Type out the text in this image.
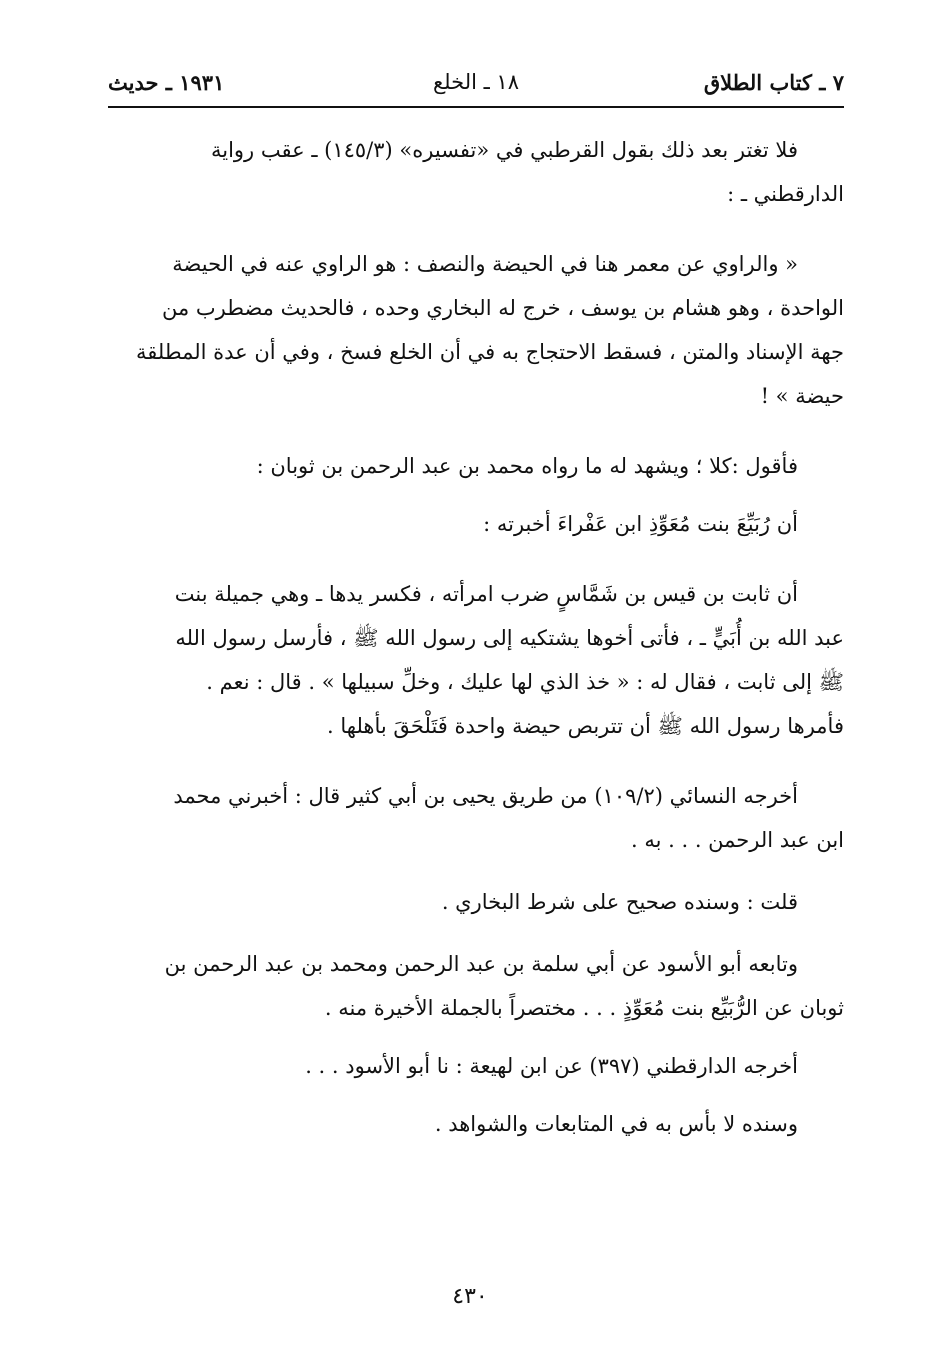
٧ ـ كتاب الطلاق
١٨ ـ الخلع
١٩٣١ ـ حديث

فلا تغتر بعد ذلك بقول القرطبي في «تفسيره» (١٤٥/٣) ـ عقب رواية
الدارقطني ـ :

« والراوي عن معمر هنا في الحيضة والنصف : هو الراوي عنه في الحيضة
الواحدة ، وهو هشام بن يوسف ، خرج له البخاري وحده ، فالحديث مضطرب من
جهة الإسناد والمتن ، فسقط الاحتجاج به في أن الخلع فسخ ، وفي أن عدة المطلقة
حيضة » !

فأقول :كلا ؛ ويشهد له ما رواه محمد بن عبد الرحمن بن ثوبان :

أن رُبَيِّعَ بنت مُعَوِّذِ ابن عَفْراءَ أخبرته :

أن ثابت بن قيس بن شَمَّاسٍ ضرب امرأته ، فكسر يدها ـ وهي جميلة بنت
عبد الله بن أُبَيٍّ ـ ، فأتى أخوها يشتكيه إلى رسول الله ﷺ ، فأرسل رسول الله
ﷺ إلى ثابت ، فقال له : « خذ الذي لها عليك ، وخلِّ سبيلها » . قال : نعم .
فأمرها رسول الله ﷺ أن تتربص حيضة واحدة فَتَلْحَقَ بأهلها .

أخرجه النسائي (١٠٩/٢) من طريق يحيى بن أبي كثير قال : أخبرني محمد
ابن عبد الرحمن . . . به .

قلت : وسنده صحيح على شرط البخاري .

وتابعه أبو الأسود عن أبي سلمة بن عبد الرحمن ومحمد بن عبد الرحمن بن
ثوبان عن الرُّبَيِّع بنت مُعَوِّذٍ . . . مختصراً بالجملة الأخيرة منه .

أخرجه الدارقطني (٣٩٧) عن ابن لهيعة : نا أبو الأسود . . .

وسنده لا بأس به في المتابعات والشواهد .

٤٣٠
